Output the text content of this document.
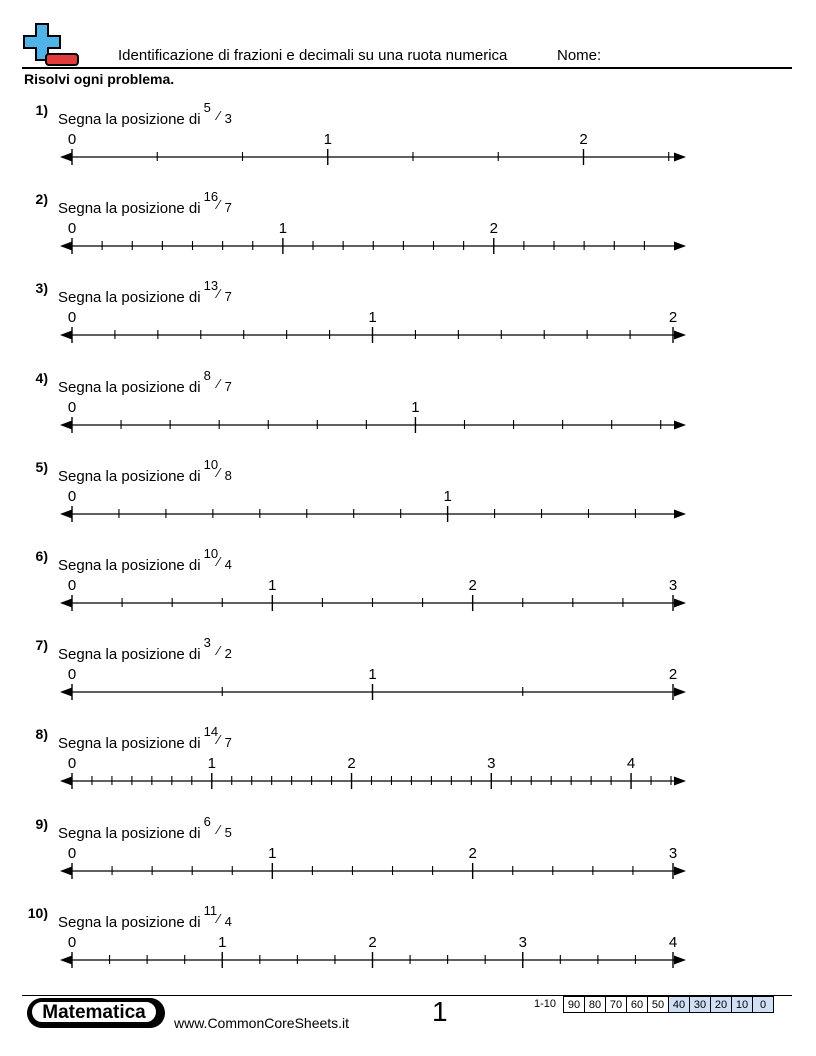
Identificazione di frazioni e decimali su una ruota numerica	Nome:
Risolvi ogni problema.
1)
Segna la posizione di
5
⁄ 3
0	1	2
2)
Segna la posizione di
16
⁄ 7
0	1	2
3)
Segna la posizione di
13
⁄ 7
0	1	2
4)
Segna la posizione di
8
⁄ 7
0	1
5)
Segna la posizione di
10
⁄ 8
0	1
6)
Segna la posizione di
10
⁄ 4
0	1	2	3
7)
Segna la posizione di
3
⁄ 2
0	1	2
8)
Segna la posizione di
14
⁄ 7
0	1	2	3	4
9)
Segna la posizione di
6
⁄ 5
0	1	2	3
10)
Segna la posizione di
11
⁄ 4
0	1	2	3	4
Matematica	www.CommonCoreSheets.it	1	1-10 90	80	70	60	50	40	30	20	10	0
